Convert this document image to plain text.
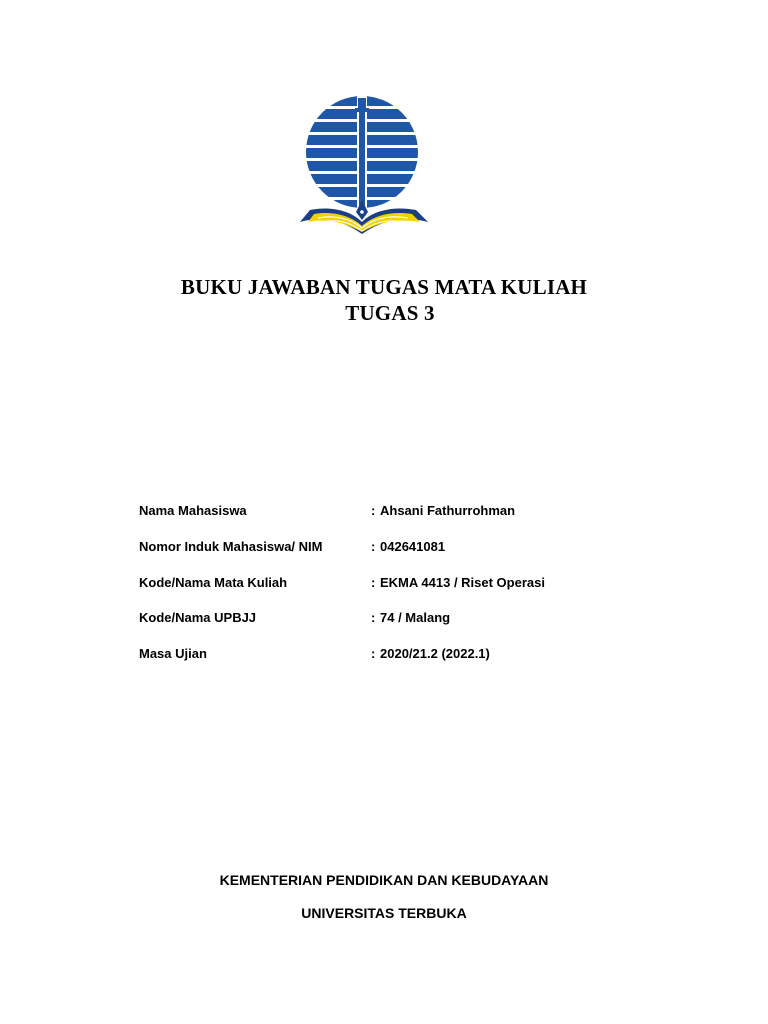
BUKU JAWABAN TUGAS MATA KULIAH
TUGAS 3
Nama Mahasiswa	: Ahsani Fathurrohman
Nomor Induk Mahasiswa/ NIM	: 042641081
Kode/Nama Mata Kuliah	: EKMA 4413 / Riset Operasi
Kode/Nama UPBJJ	: 74 / Malang
Masa Ujian	: 2020/21.2 (2022.1)
KEMENTERIAN PENDIDIKAN DAN KEBUDAYAAN
UNIVERSITAS TERBUKA
